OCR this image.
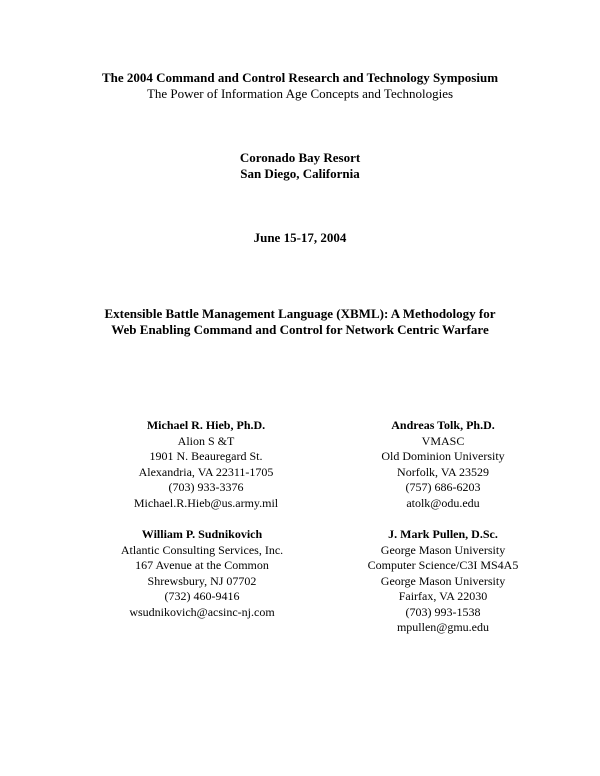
The 2004 Command and Control Research and Technology Symposium
The Power of Information Age Concepts and Technologies
Coronado Bay Resort
San Diego, California
June 15-17, 2004
Extensible Battle Management Language (XBML): A Methodology for
Web Enabling Command and Control for Network Centric Warfare
Michael R. Hieb, Ph.D.
Alion S &T
1901 N. Beauregard St.
Alexandria, VA 22311-1705
(703) 933-3376
Michael.R.Hieb@us.army.mil
Andreas Tolk, Ph.D.
VMASC
Old Dominion University
Norfolk, VA 23529
(757) 686-6203
atolk@odu.edu
William P. Sudnikovich
Atlantic Consulting Services, Inc.
167 Avenue at the Common
Shrewsbury, NJ 07702
(732) 460-9416
wsudnikovich@acsinc-nj.com
J. Mark Pullen, D.Sc.
George Mason University
Computer Science/C3I MS4A5
George Mason University
Fairfax, VA 22030
(703) 993-1538
mpullen@gmu.edu
